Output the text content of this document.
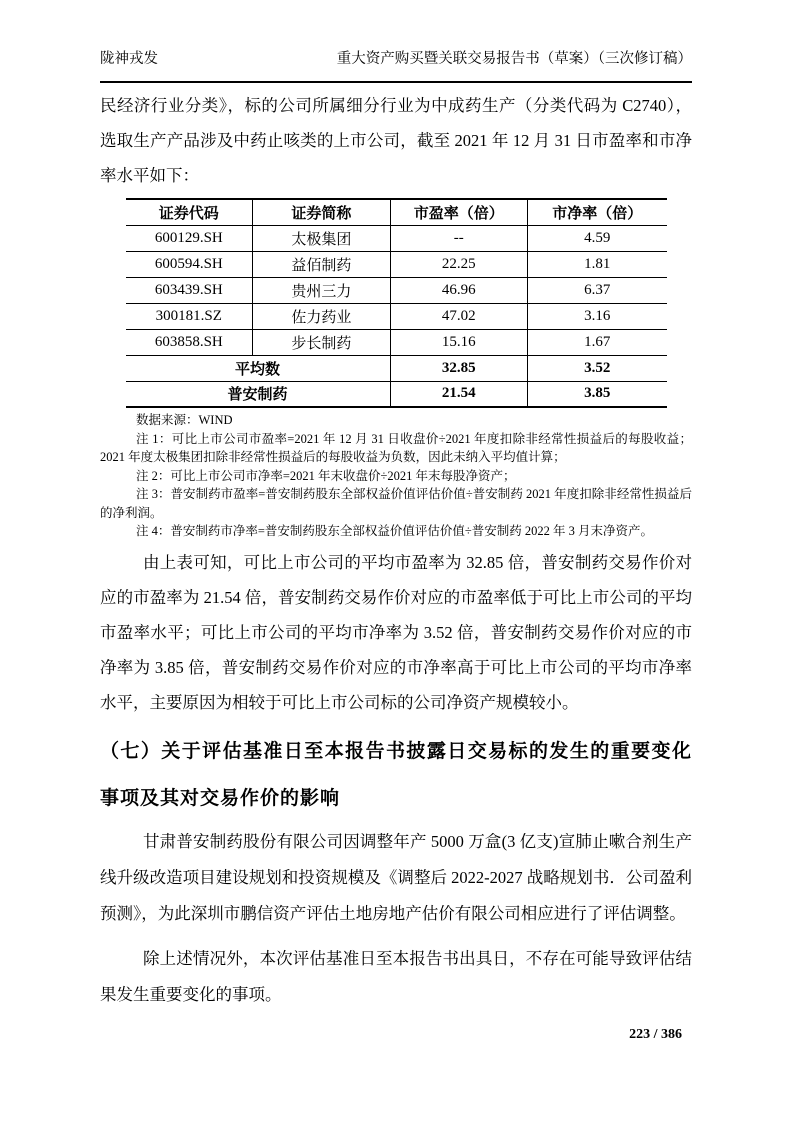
陇神戎发	重大资产购买暨关联交易报告书（草案）（三次修订稿）

民经济行业分类》，标的公司所属细分行业为中成药生产（分类代码为 C2740），选取生产产品涉及中药止咳类的上市公司，截至 2021 年 12 月 31 日市盈率和市净率水平如下：

证券代码	证券简称	市盈率（倍）	市净率（倍）
600129.SH	太极集团	--	4.59
600594.SH	益佰制药	22.25	1.81
603439.SH	贵州三力	46.96	6.37
300181.SZ	佐力药业	47.02	3.16
603858.SH	步长制药	15.16	1.67
平均数		32.85	3.52
普安制药		21.54	3.85

数据来源：WIND

注 1：可比上市公司市盈率=2021 年 12 月 31 日收盘价÷2021 年度扣除非经常性损益后的每股收益；2021 年度太极集团扣除非经常性损益后的每股收益为负数，因此未纳入平均值计算；

注 2：可比上市公司市净率=2021 年末收盘价÷2021 年末每股净资产；

注 3：普安制药市盈率=普安制药股东全部权益价值评估价值÷普安制药 2021 年度扣除非经常性损益后的净利润。

注 4：普安制药市净率=普安制药股东全部权益价值评估价值÷普安制药 2022 年 3 月末净资产。

由上表可知，可比上市公司的平均市盈率为 32.85 倍，普安制药交易作价对应的市盈率为 21.54 倍，普安制药交易作价对应的市盈率低于可比上市公司的平均市盈率水平；可比上市公司的平均市净率为 3.52 倍，普安制药交易作价对应的市净率为 3.85 倍，普安制药交易作价对应的市净率高于可比上市公司的平均市净率水平，主要原因为相较于可比上市公司标的公司净资产规模较小。

（七）关于评估基准日至本报告书披露日交易标的发生的重要变化事项及其对交易作价的影响

甘肃普安制药股份有限公司因调整年产 5000 万盒(3 亿支)宣肺止嗽合剂生产线升级改造项目建设规划和投资规模及《调整后 2022-2027 战略规划书．公司盈利预测》，为此深圳市鹏信资产评估土地房地产估价有限公司相应进行了评估调整。

除上述情况外，本次评估基准日至本报告书出具日，不存在可能导致评估结果发生重要变化的事项。

223 / 386
